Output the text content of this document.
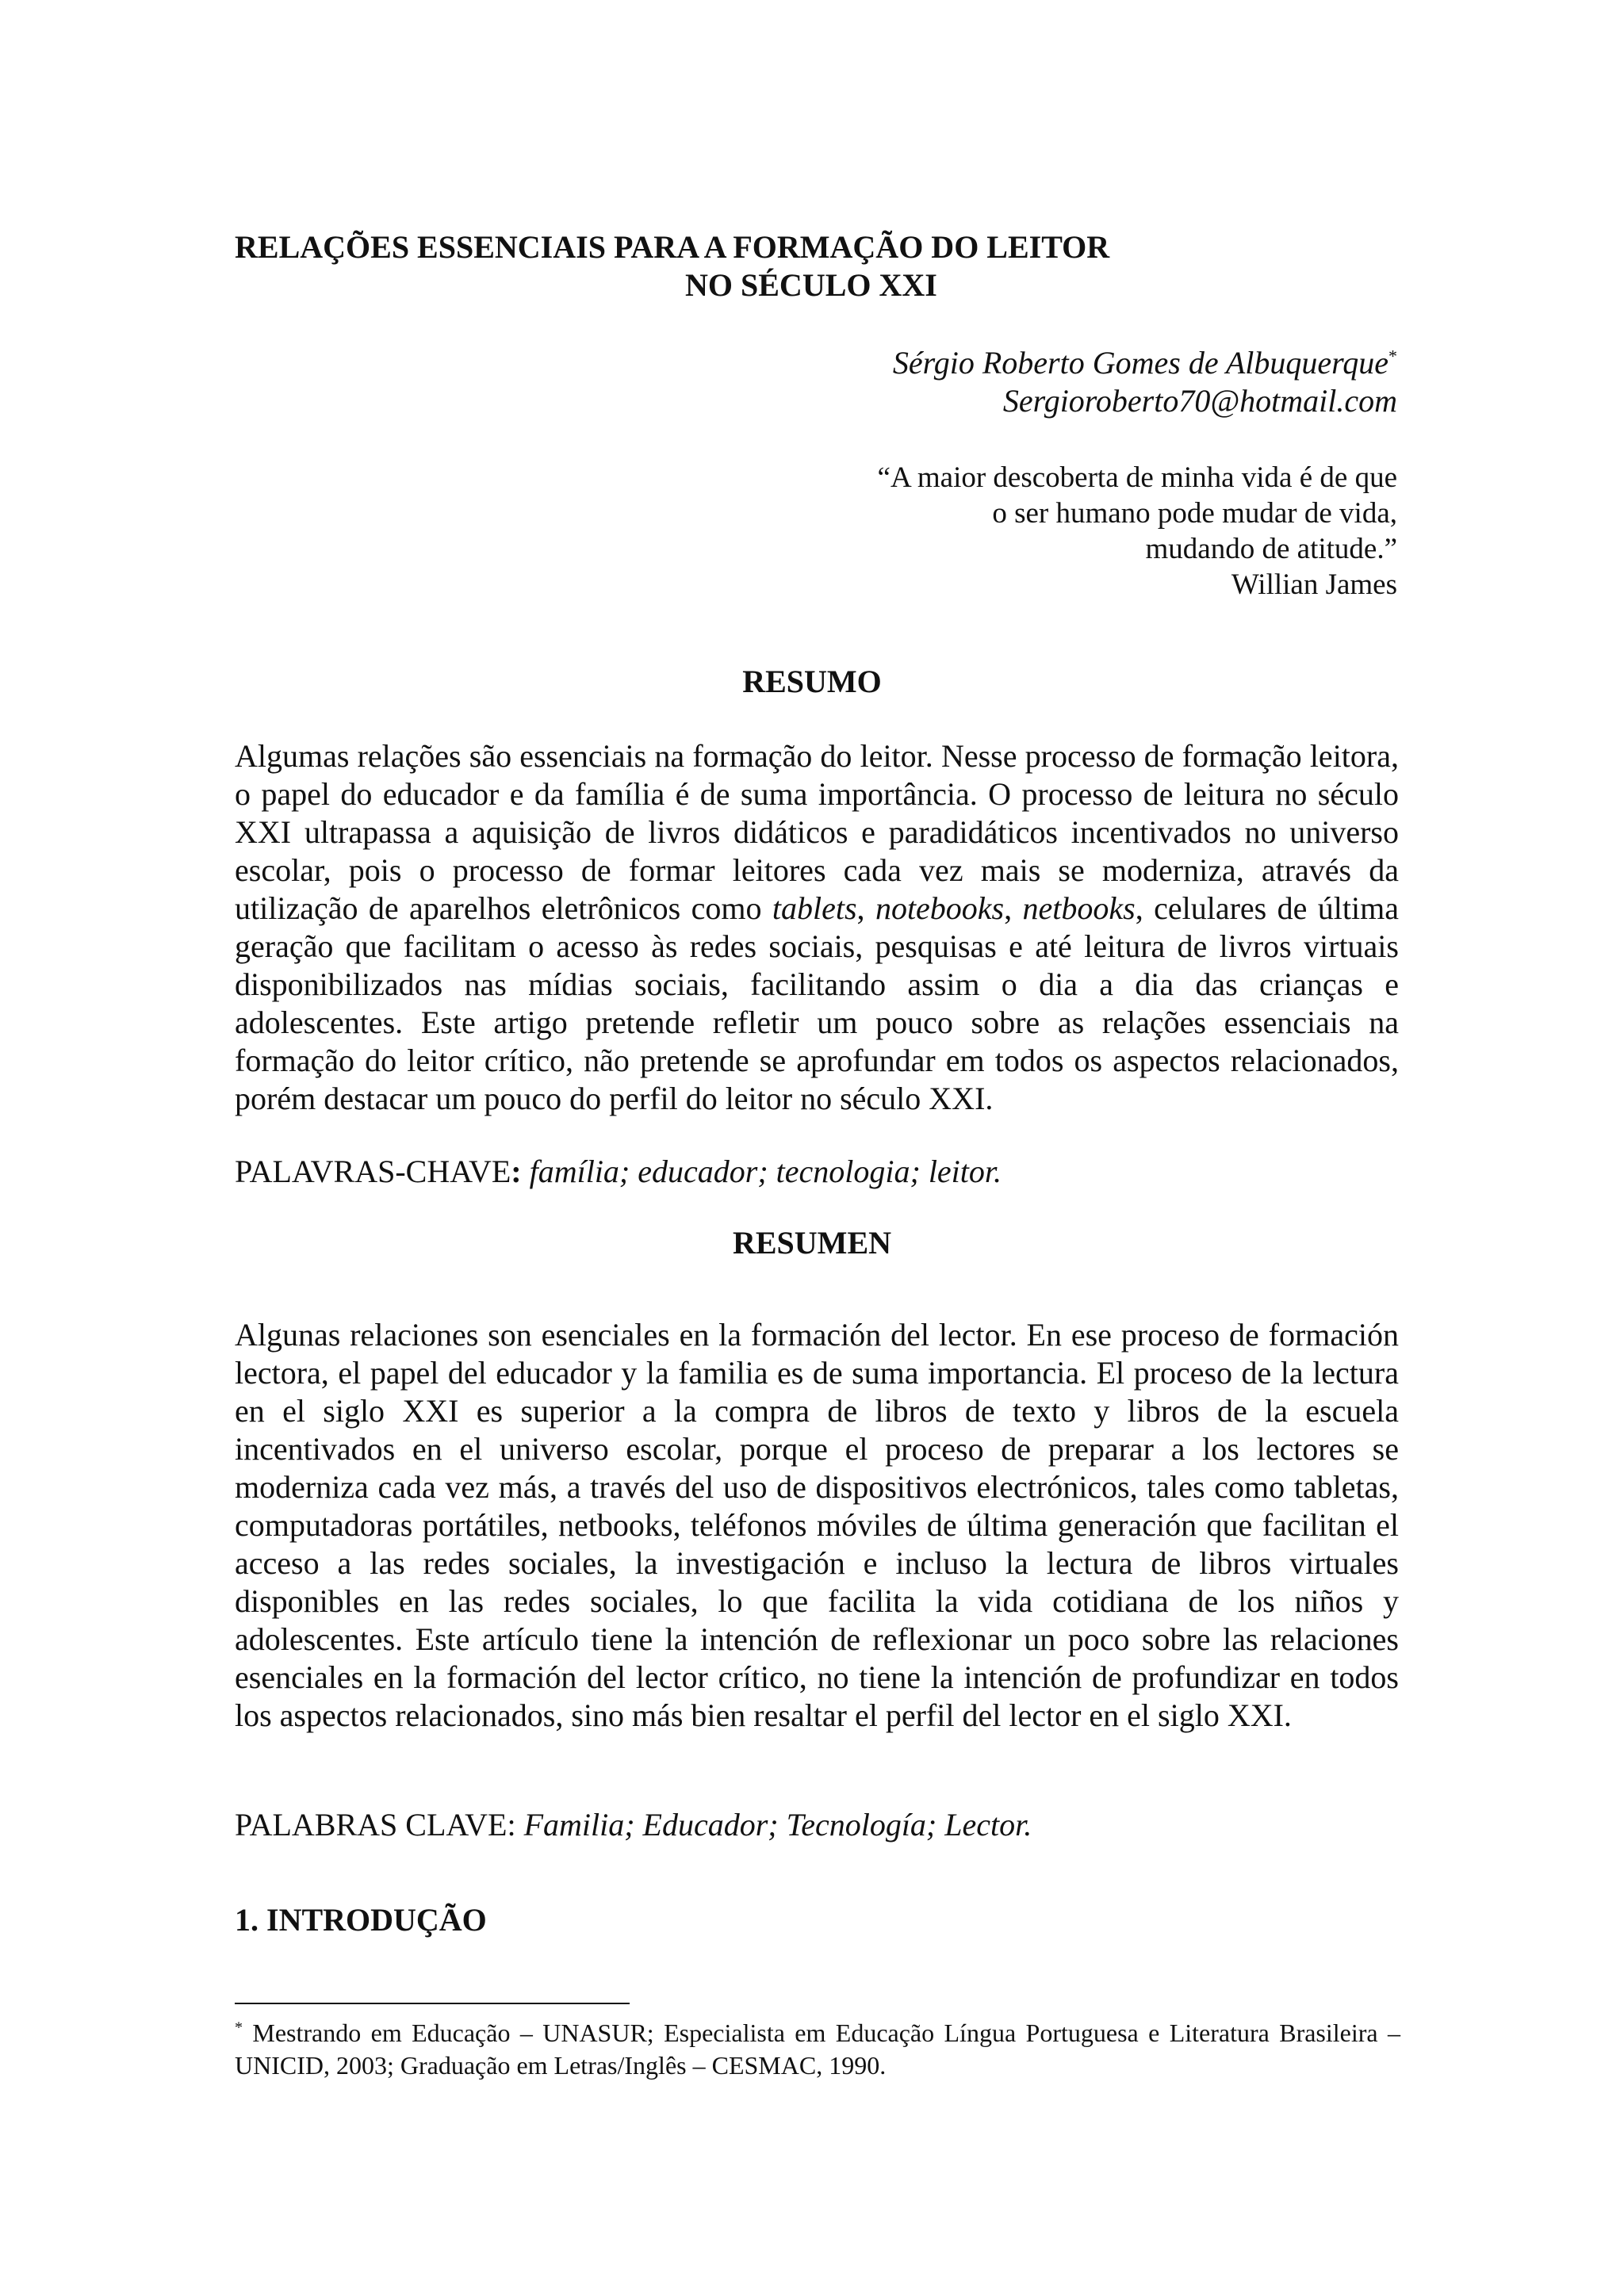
RELAÇÕES ESSENCIAIS PARA A FORMAÇÃO DO LEITOR
NO SÉCULO XXI
Sérgio Roberto Gomes de Albuquerque*
Sergioroberto70@hotmail.com
“A maior descoberta de minha vida é de que
o ser humano pode mudar de vida,
mudando de atitude.”
Willian James
RESUMO
Algumas relações são essenciais na formação do leitor. Nesse processo de formação leitora, o papel do educador e da família é de suma importância. O processo de leitura no século XXI ultrapassa a aquisição de livros didáticos e paradidáticos incentivados no universo escolar, pois o processo de formar leitores cada vez mais se moderniza, através da utilização de aparelhos eletrônicos como tablets, notebooks, netbooks, celulares de última geração que facilitam o acesso às redes sociais, pesquisas e até leitura de livros virtuais disponibilizados nas mídias sociais, facilitando assim o dia a dia das crianças e adolescentes. Este artigo pretende refletir um pouco sobre as relações essenciais na formação do leitor crítico, não pretende se aprofundar em todos os aspectos relacionados, porém destacar um pouco do perfil do leitor no século XXI.
PALAVRAS-CHAVE: família; educador; tecnologia; leitor.
RESUMEN
Algunas relaciones son esenciales en la formación del lector. En ese proceso de formación lectora, el papel del educador y la familia es de suma importancia. El proceso de la lectura en el siglo XXI es superior a la compra de libros de texto y libros de la escuela incentivados en el universo escolar, porque el proceso de preparar a los lectores se moderniza cada vez más, a través del uso de dispositivos electrónicos, tales como tabletas, computadoras portátiles, netbooks, teléfonos móviles de última generación que facilitan el acceso a las redes sociales, la investigación e incluso la lectura de libros virtuales disponibles en las redes sociales, lo que facilita la vida cotidiana de los niños y adolescentes. Este artículo tiene la intención de reflexionar un poco sobre las relaciones esenciales en la formación del lector crítico, no tiene la intención de profundizar en todos los aspectos relacionados, sino más bien resaltar el perfil del lector en el siglo XXI.
PALABRAS CLAVE: Familia; Educador; Tecnología; Lector.
1. INTRODUÇÃO
* Mestrando em Educação – UNASUR; Especialista em Educação Língua Portuguesa e Literatura Brasileira – UNICID, 2003; Graduação em Letras/Inglês – CESMAC, 1990.
